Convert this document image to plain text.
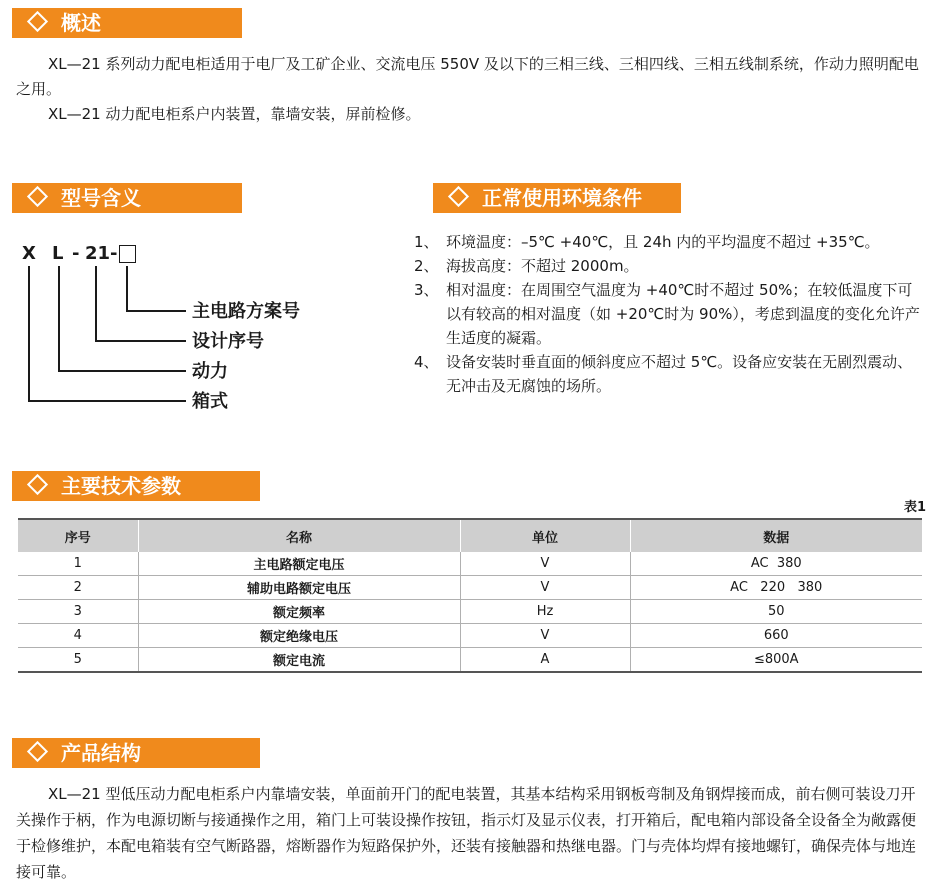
概述

XL—21 系列动力配电柜适用于电厂及工矿企业、交流电压 550V 及以下的三相三线、三相四线、三相五线制系统，作动力照明配电之用。

XL—21 动力配电柜系户内装置，靠墙安装，屏前检修。

型号含义
X L - 21-
主电路方案号
设计序号
动力
箱式
正常使用环境条件
1、 环境温度：–5℃ +40℃，且 24h 内的平均温度不超过 +35℃。
2、 海拔高度：不超过 2000m。
3、 相对温度：在周围空气温度为 +40℃时不超过 50%；在较低温度下可以有较高的相对温度（如 +20℃时为 90%），考虑到温度的变化允许产生适度的凝霜。
4、 设备安装时垂直面的倾斜度应不超过 5℃。设备应安装在无剧烈震动、无冲击及无腐蚀的场所。
主要技术参数
表1
序号	名称	单位	数据
1	主电路额定电压	V	AC  380
2	辅助电路额定电压	V	AC   220   380
3	额定频率	Hz	50
4	额定绝缘电压	V	660
5	额定电流	A	≤800A
产品结构

XL—21 型低压动力配电柜系户内靠墙安装，单面前开门的配电装置，其基本结构采用钢板弯制及角钢焊接而成，前右侧可装设刀开关操作于柄，作为电源切断与接通操作之用，箱门上可装设操作按钮，指示灯及显示仪表，打开箱后，配电箱内部设备全设备全为敞露便于检修维护，本配电箱装有空气断路器，熔断器作为短路保护外，还装有接触器和热继电器。门与壳体均焊有接地螺钉，确保壳体与地连接可靠。
